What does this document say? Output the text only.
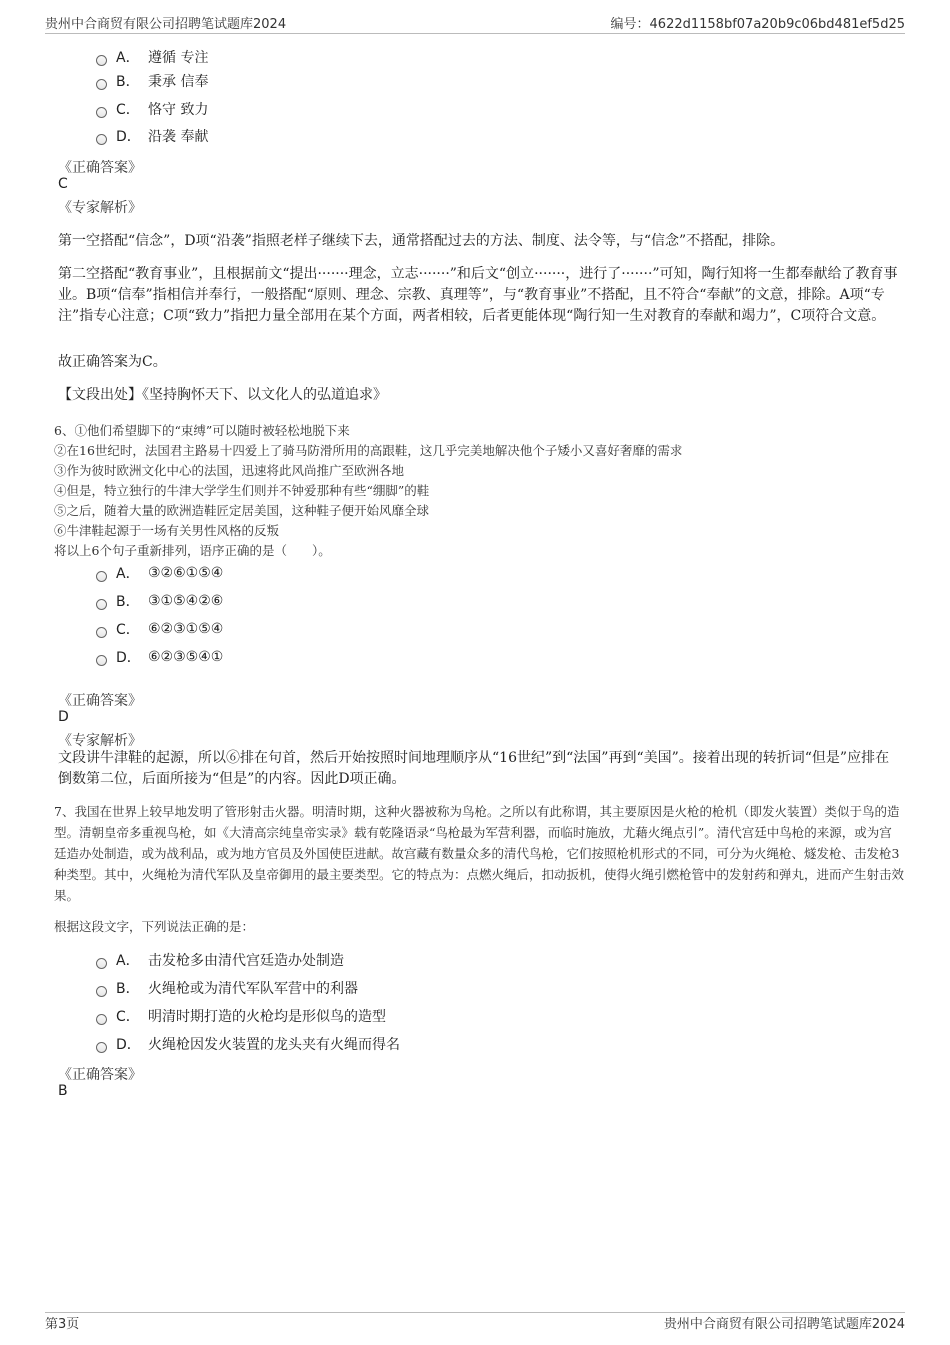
贵州中合商贸有限公司招聘笔试题库2024	编号：4622d1158bf07a20b9c06bd481ef5d25
A． 遵循 专注
B． 秉承 信奉
C． 恪守 致力
D． 沿袭 奉献
《正确答案》
C
《专家解析》
第一空搭配“信念”，D项“沿袭”指照老样子继续下去，通常搭配过去的方法、制度、法令等，与“信念”不搭配，排除。
第二空搭配“教育事业”，且根据前文“提出·······理念，立志·······”和后文“创立·······，进行了·······”可知，陶行知将一生都奉献给了教育事业。B项“信奉”指相信并奉行，一般搭配“原则、理念、宗教、真理等”，与“教育事业”不搭配，且不符合“奉献”的文意，排除。A项“专注”指专心注意；C项“致力”指把力量全部用在某个方面，两者相较，后者更能体现“陶行知一生对教育的奉献和竭力”，C项符合文意。
故正确答案为C。
【文段出处】《坚持胸怀天下、以文化人的弘道追求》
6、①他们希望脚下的“束缚”可以随时被轻松地脱下来
②在16世纪时，法国君主路易十四爱上了骑马防滑所用的高跟鞋，这几乎完美地解决他个子矮小又喜好奢靡的需求
③作为彼时欧洲文化中心的法国，迅速将此风尚推广至欧洲各地
④但是，特立独行的牛津大学学生们则并不钟爱那种有些“绷脚”的鞋
⑤之后，随着大量的欧洲造鞋匠定居美国，这种鞋子便开始风靡全球
⑥牛津鞋起源于一场有关男性风格的反叛
将以上6个句子重新排列，语序正确的是（　　）。
A． ③②⑥①⑤④
B． ③①⑤④②⑥
C． ⑥②③①⑤④
D． ⑥②③⑤④①
《正确答案》
D
《专家解析》
文段讲牛津鞋的起源，所以⑥排在句首，然后开始按照时间地理顺序从“16世纪”到“法国”再到“美国”。接着出现的转折词“但是”应排在倒数第二位，后面所接为“但是”的内容。因此D项正确。
7、我国在世界上较早地发明了管形射击火器。明清时期，这种火器被称为鸟枪。之所以有此称谓，其主要原因是火枪的枪机（即发火装置）类似于鸟的造型。清朝皇帝多重视鸟枪，如《大清高宗纯皇帝实录》载有乾隆语录“鸟枪最为军营利器，而临时施放，尤藉火绳点引”。清代宫廷中鸟枪的来源，或为宫廷造办处制造，或为战利品，或为地方官员及外国使臣进献。故宫藏有数量众多的清代鸟枪，它们按照枪机形式的不同，可分为火绳枪、燧发枪、击发枪3种类型。其中，火绳枪为清代军队及皇帝御用的最主要类型。它的特点为：点燃火绳后，扣动扳机，使得火绳引燃枪管中的发射药和弹丸，进而产生射击效果。
根据这段文字，下列说法正确的是：
A． 击发枪多由清代宫廷造办处制造
B． 火绳枪或为清代军队军营中的利器
C． 明清时期打造的火枪均是形似鸟的造型
D． 火绳枪因发火装置的龙头夹有火绳而得名
《正确答案》
B
第3页	贵州中合商贸有限公司招聘笔试题库2024
